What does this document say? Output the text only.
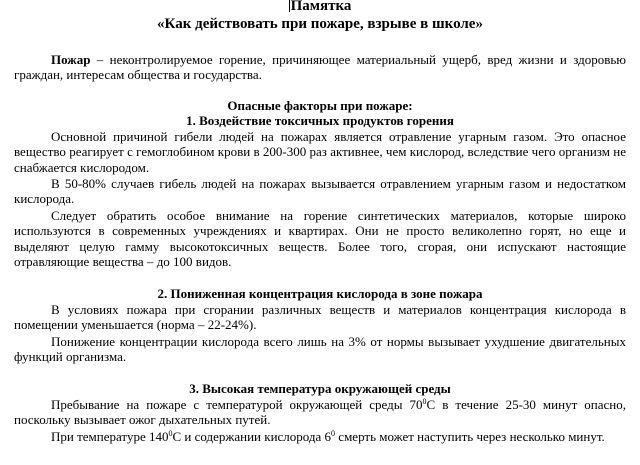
Памятка
«Как действовать при пожаре, взрыве в школе»

Пожар – неконтролируемое горение, причиняющее материальный ущерб, вред жизни и здоровью граждан, интересам общества и государства.

Опасные факторы при пожаре:
1. Воздействие токсичных продуктов горения

Основной причиной гибели людей на пожарах является отравление угарным газом. Это опасное вещество реагирует с гемоглобином крови в 200-300 раз активнее, чем кислород, вследствие чего организм не снабжается кислородом.

В 50-80% случаев гибель людей на пожарах вызывается отравлением угарным газом и недостатком кислорода.

Следует обратить особое внимание на горение синтетических материалов, которые широко используются в современных учреждениях и квартирах. Они не просто великолепно горят, но еще и выделяют целую гамму высокотоксичных веществ. Более того, сгорая, они испускают настоящие отравляющие вещества – до 100 видов.

2. Пониженная концентрация кислорода в зоне пожара

В условиях пожара при сгорании различных веществ и материалов концентрация кислорода в помещении уменьшается (норма – 22-24%).

Понижение концентрации кислорода всего лишь на 3% от нормы вызывает ухудшение двигательных функций организма.

3. Высокая температура окружающей среды

Пребывание на пожаре с температурой окружающей среды $70^0С$ в течение 25-30 минут опасно, поскольку вызывает ожог дыхательных путей.

При температуре $140^0С$ и содержании кислорода $6^0$ смерть может наступить через несколько минут.
